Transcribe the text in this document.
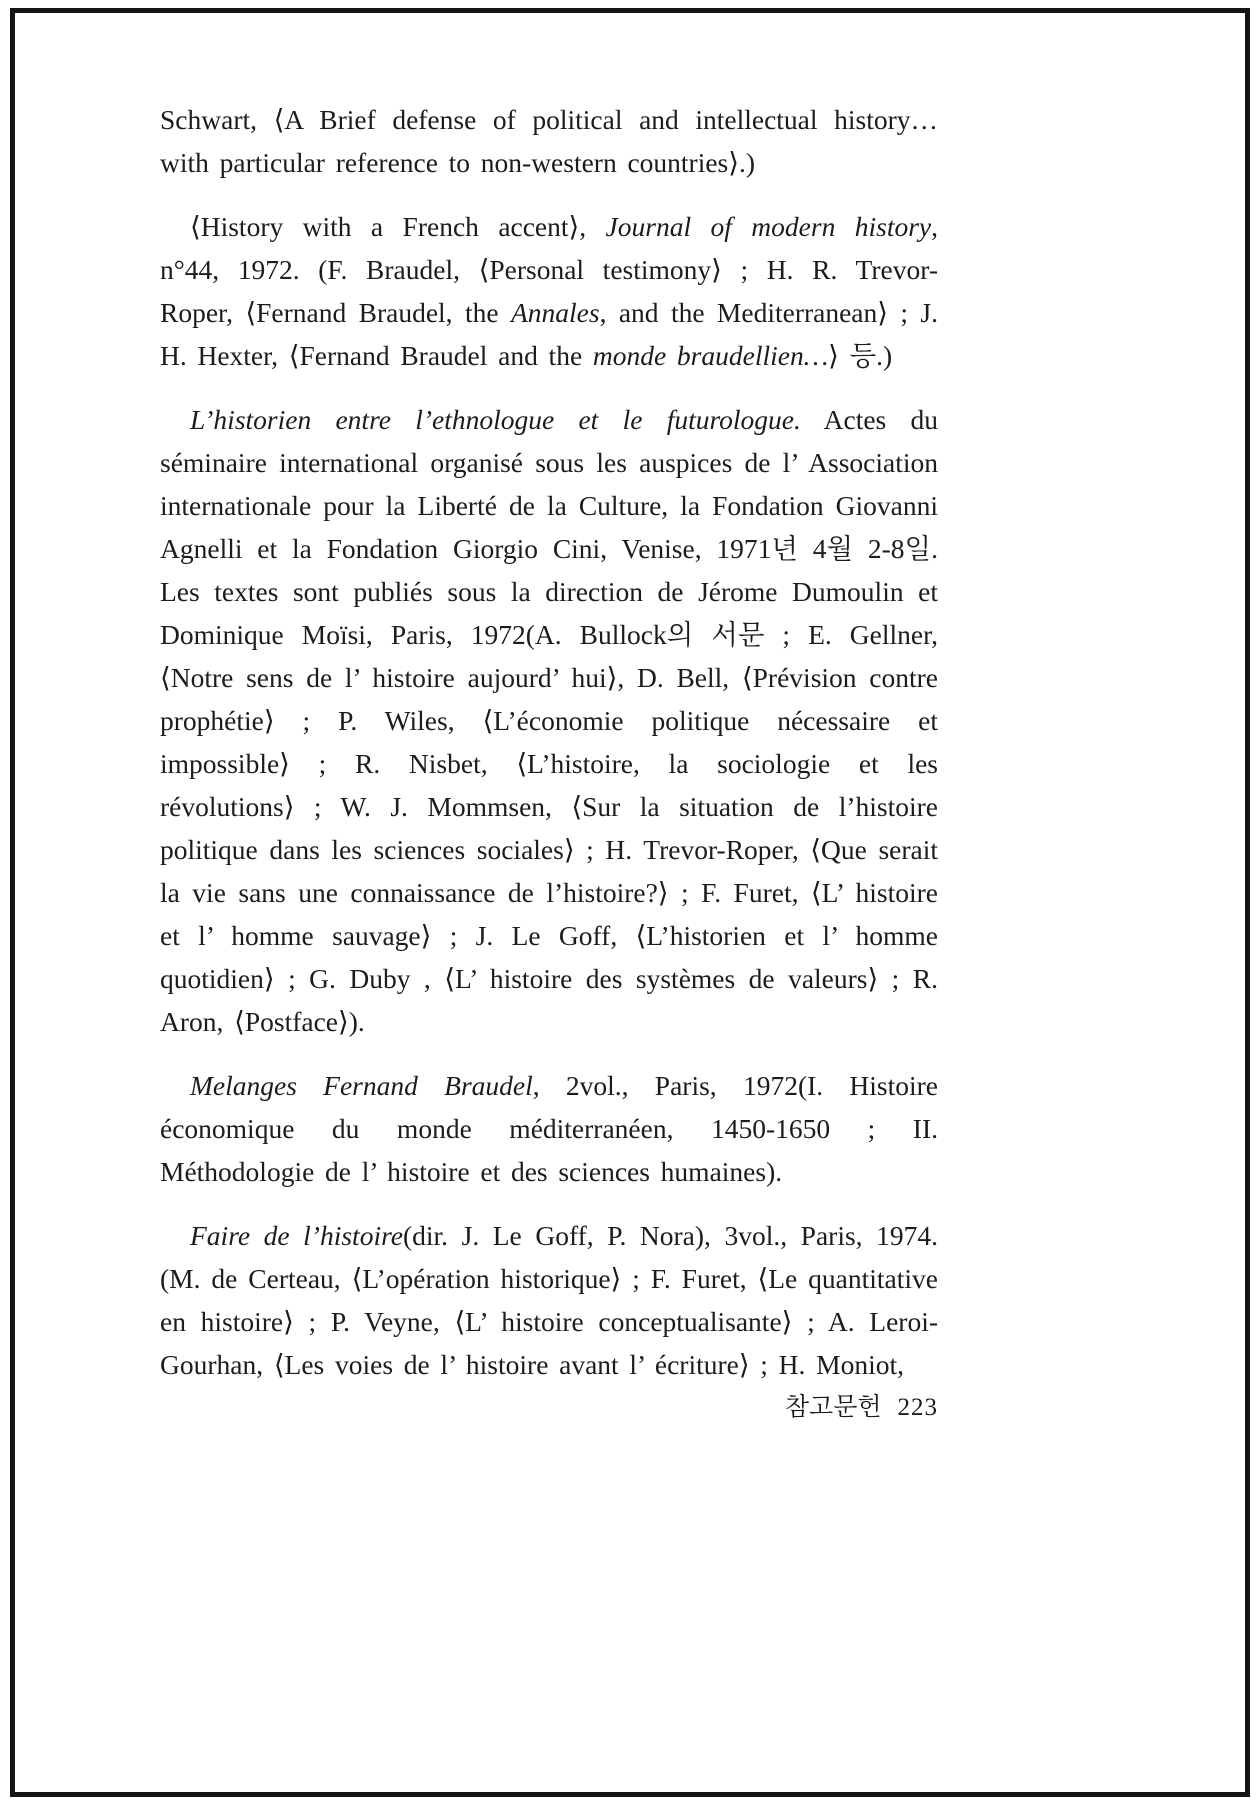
Schwart, ⟨A Brief defense of political and intellectual history… with particular reference to non-western countries⟩.)

⟨History with a French accent⟩, Journal of modern history, n°44, 1972. (F. Braudel, ⟨Personal testimony⟩ ; H. R. Trevor-Roper, ⟨Fernand Braudel, the Annales, and the Mediterranean⟩ ; J. H. Hexter, ⟨Fernand Braudel and the monde braudellien…⟩ 등.)

L’historien entre l’ethnologue et le futurologue. Actes du séminaire international organisé sous les auspices de l’ Association internationale pour la Liberté de la Culture, la Fondation Giovanni Agnelli et la Fondation Giorgio Cini, Venise, 1971년 4월 2-8일. Les textes sont publiés sous la direction de Jérome Dumoulin et Dominique Moïsi, Paris, 1972(A. Bullock의 서문 ; E. Gellner, ⟨Notre sens de l’ histoire aujourd’ hui⟩, D. Bell, ⟨Prévision contre prophétie⟩ ; P. Wiles, ⟨L’économie politique nécessaire et impossible⟩ ; R. Nisbet, ⟨L’histoire, la sociologie et les révolutions⟩ ; W. J. Mommsen, ⟨Sur la situation de l’histoire politique dans les sciences sociales⟩ ; H. Trevor-Roper, ⟨Que serait la vie sans une connaissance de l’histoire?⟩ ; F. Furet, ⟨L’ histoire et l’ homme sauvage⟩ ; J. Le Goff, ⟨L’historien et l’ homme quotidien⟩ ; G. Duby , ⟨L’ histoire des systèmes de valeurs⟩ ; R. Aron, ⟨Postface⟩).

Melanges Fernand Braudel, 2vol., Paris, 1972(I. Histoire économique du monde méditerranéen, 1450-1650 ; II. Méthodologie de l’ histoire et des sciences humaines).

Faire de l’histoire(dir. J. Le Goff, P. Nora), 3vol., Paris, 1974. (M. de Certeau, ⟨L’opération historique⟩ ; F. Furet, ⟨Le quantitative en histoire⟩ ; P. Veyne, ⟨L’ histoire conceptualisante⟩ ; A. Leroi-Gourhan, ⟨Les voies de l’ histoire avant l’ écriture⟩ ; H. Moniot,

참고문헌 223
